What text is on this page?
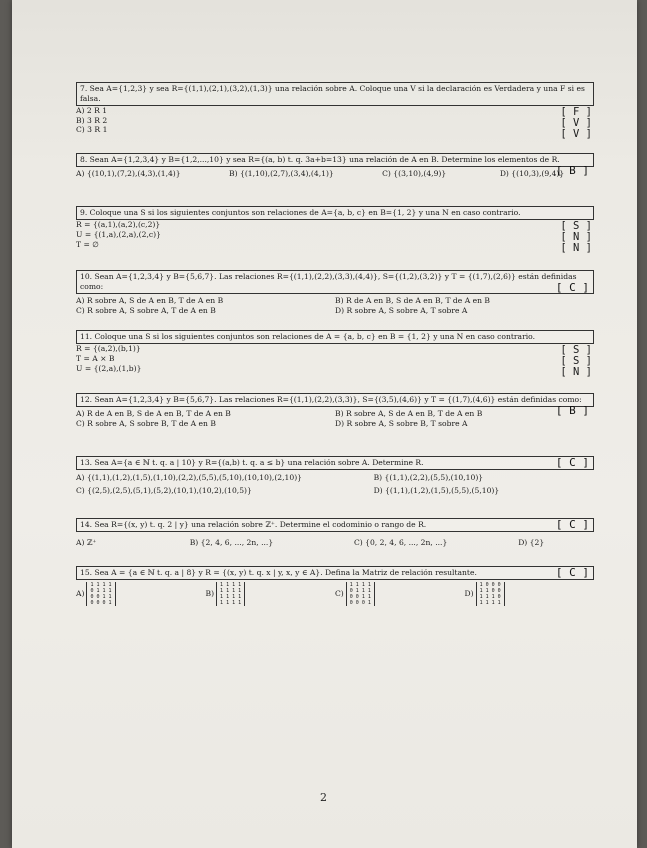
7. Sea A={1,2,3} y sea R={(1,1),(2,1),(3,2),(1,3)} una relación sobre A. Coloque una V si la declaración es Verdadera y una F si es falsa.
A) 2 R 1
B) 3 R 2
C) 3 R 1
[ F ]
[ V ]
[ V ]
8. Sean A={1,2,3,4} y B={1,2,...,10} y sea R={(a, b) t. q. 3a+b=13} una relación de A en B. Determine los elementos de R.
[ B ]
A) {(10,1),(7,2),(4,3),(1,4)}	B) {(1,10),(2,7),(3,4),(4,1)}	C) {(3,10),(4,9)}	D) {(10,3),(9,4)}
9. Coloque una S si los siguientes conjuntos son relaciones de A={a, b, c} en B={1, 2} y una N en caso contrario.
R = {(a,1),(a,2),(c,2)}
U = {(1,a),(2,a),(2,c)}
T = ∅
[ S ]
[ N ]
[ N ]
10. Sean A={1,2,3,4} y B={5,6,7}. Las relaciones R={(1,1),(2,2),(3,3),(4,4)}, S={(1,2),(3,2)} y T = {(1,7),(2,6)} están definidas como:	[ C ]
A) R sobre A, S de A en B, T de A en B	B) R de A en B, S de A en B, T de A en B
C) R sobre A, S sobre A, T de A en B	D) R sobre A, S sobre A, T sobre A
11. Coloque una S si los siguientes conjuntos son relaciones de A = {a, b, c} en B = {1, 2} y una N en caso contrario.
R = {(a,2),(b,1)}
T = A × B
U = {(2,a),(1,b)}
[ S ]
[ S ]
[ N ]
12. Sean A={1,2,3,4} y B={5,6,7}. Las relaciones R={(1,1),(2,2),(3,3)}, S={(3,5),(4,6)} y T = {(1,7),(4,6)} están definidas como:
[ B ]
A) R de A en B, S de A en B, T de A en B	B) R sobre A, S de A en B, T de A en B
C) R sobre A, S sobre B, T de A en B	D) R sobre A, S sobre B, T sobre A
13. Sea A={a ∈ ℕ t. q. a | 10} y R={(a,b) t. q. a ≤ b} una relación sobre A. Determine R.	[ C ]
A) {(1,1),(1,2),(1,5),(1,10),(2,2),(5,5),(5,10),(10,10),(2,10)}	B) {(1,1),(2,2),(5,5),(10,10)}
C) {(2,5),(2,5),(5,1),(5,2),(10,1),(10,2),(10,5)}	D) {(1,1),(1,2),(1,5),(5,5),(5,10)}
14. Sea R={(x, y) t. q. 2 | y} una relación sobre ℤ⁺. Determine el codominio o rango de R.	[ C ]
A) ℤ⁺	B) {2, 4, 6, ..., 2n, ...}	C) {0, 2, 4, 6, ..., 2n, ...}	D) {2}
15. Sea A = {a ∈ ℕ t. q. a | 8} y R = {(x, y) t. q. x | y, x, y ∈ A}. Defina la Matriz de relación resultante.	[ C ]
A)
1 1 1 1
0 1 1 1
0 0 1 1
0 0 0 1
B)
1 1 1 1
1 1 1 1
1 1 1 1
1 1 1 1
C)
1 1 1 1
0 1 1 1
0 0 1 1
0 0 0 1
D)
1 0 0 0
1 1 0 0
1 1 1 0
1 1 1 1
2
